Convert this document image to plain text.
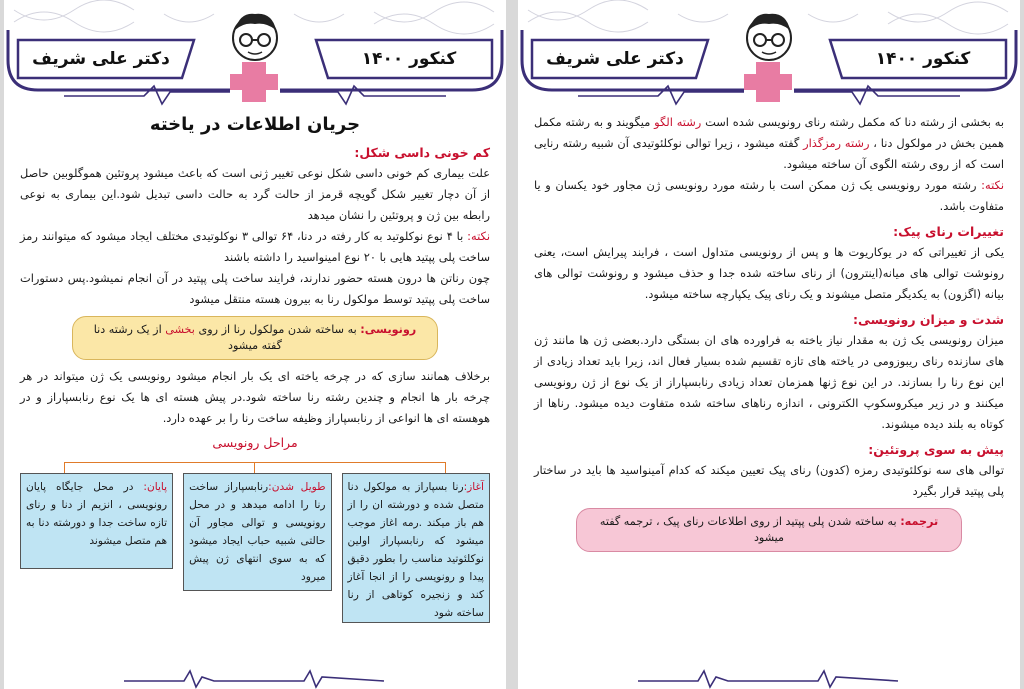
کنکور ۱۴۰۰
دکتر علی شریف
جریان اطلاعات در یاخته
کم خونی داسی شکل:

علت بیماری کم خونی داسی شکل نوعی تغییر ژنی است که باعث میشود پروتئین هموگلوبین حاصل از آن دچار تغییر شکل گویچه قرمز از حالت گرد به حالت داسی تبدیل شود.این بیماری به نوعی رابطه بین ژن و پروتئین را نشان میدهد

نکته: با ۴ نوع نوکلوتید به کار رفته در دنا، ۶۴ توالی ۳ نوکلوتیدی مختلف ایجاد میشود که میتوانند رمز ساخت پلی پپتید هایی با ۲۰ نوع امینواسید را داشته باشند

چون رناتن ها درون هسته حضور ندارند، فرایند ساخت پلی پپتید در آن انجام نمیشود.پس دستورات ساخت پلی پپتید توسط مولکول رنا به بیرون هسته منتقل میشود

رونویسی: به ساخته شدن مولکول رنا از روی بخشی از یک رشته دنا گفته میشود

برخلاف همانند سازی که در چرخه یاخته ای یک بار انجام میشود رونویسی یک ژن میتواند در هر چرخه بار ها انجام و چندین رشته رنا ساخته شود.در پیش هسته ای ها یک نوع رنابسپاراز و در هوهسته ای ها انواعی از رنابسپاراز وظیفه ساخت رنا را بر عهده دارد.

مراحل رونویسی
آغاز:رنا بسپاراز به مولکول دنا متصل شده و دورشته ان را از هم باز میکند .رمه اغاز موجب میشود که رنابسپاراز اولین نوکلئوتید مناسب را بطور دقیق پیدا و رونویسی را از انجا آغاز کند و زنجیره کوتاهی از رنا ساخته شود
طویل شدن:رنابسپاراز ساخت رنا را ادامه میدهد و در محل رونویسی و توالی مجاور آن حالتی شبیه حباب ایجاد میشود که به سوی انتهای ژن پیش میرود
پایان: در محل جایگاه پایان رونویسی ، انزیم از دنا و رنای تازه ساخت جدا و دورشته دنا به هم متصل میشوند
کنکور ۱۴۰۰
دکتر علی شریف

به بخشی از رشته دنا که مکمل رشته رنای رونویسی شده است رشته الگو میگویند و به رشته مکمل همین بخش در مولکول دنا ، رشته رمزگذار گفته میشود ، زیرا توالی نوکلئوتیدی آن شبیه رشته رنایی است که از روی رشته الگوی آن ساخته میشود.

نکته: رشته مورد رونویسی یک ژن ممکن است با رشته مورد رونویسی ژن مجاور خود یکسان و یا متفاوت باشد.

تغییرات رنای پیک:

یکی از تغییراتی که در یوکاریوت ها و پس از رونویسی متداول است ، فرایند پیرایش است، یعنی رونوشت توالی های میانه(اینترون) از رنای ساخته شده جدا و حذف میشود و رونوشت توالی های بیانه (اگزون) به یکدیگر متصل میشوند و یک رنای پیک یکپارچه ساخته میشود.

شدت و میزان رونویسی:

میزان رونویسی یک ژن به مقدار نیاز یاخته به فراورده های ان بستگی دارد.بعضی ژن ها مانند ژن های سازنده رنای ریبوزومی در یاخته های تازه تقسیم شده بسیار فعال اند، زیرا باید تعداد زیادی از این نوع رنا را بسازند. در این نوع ژنها همزمان تعداد زیادی رنابسپاراز از یک نوع از ژن رونویسی میکنند و در زیر میکروسکوپ الکترونی ، اندازه رناهای ساخته شده متفاوت دیده میشود. رناها از کوتاه به بلند دیده میشوند.

پیش به سوی پروتئین:

توالی های سه نوکلئوتیدی رمزه (کدون) رنای پیک تعیین میکند که کدام آمینواسید ها باید در ساختار پلی پپتید قرار بگیرد

ترجمه: به ساخته شدن پلی پپتید از روی اطلاعات رنای پیک ، ترجمه گفته میشود
